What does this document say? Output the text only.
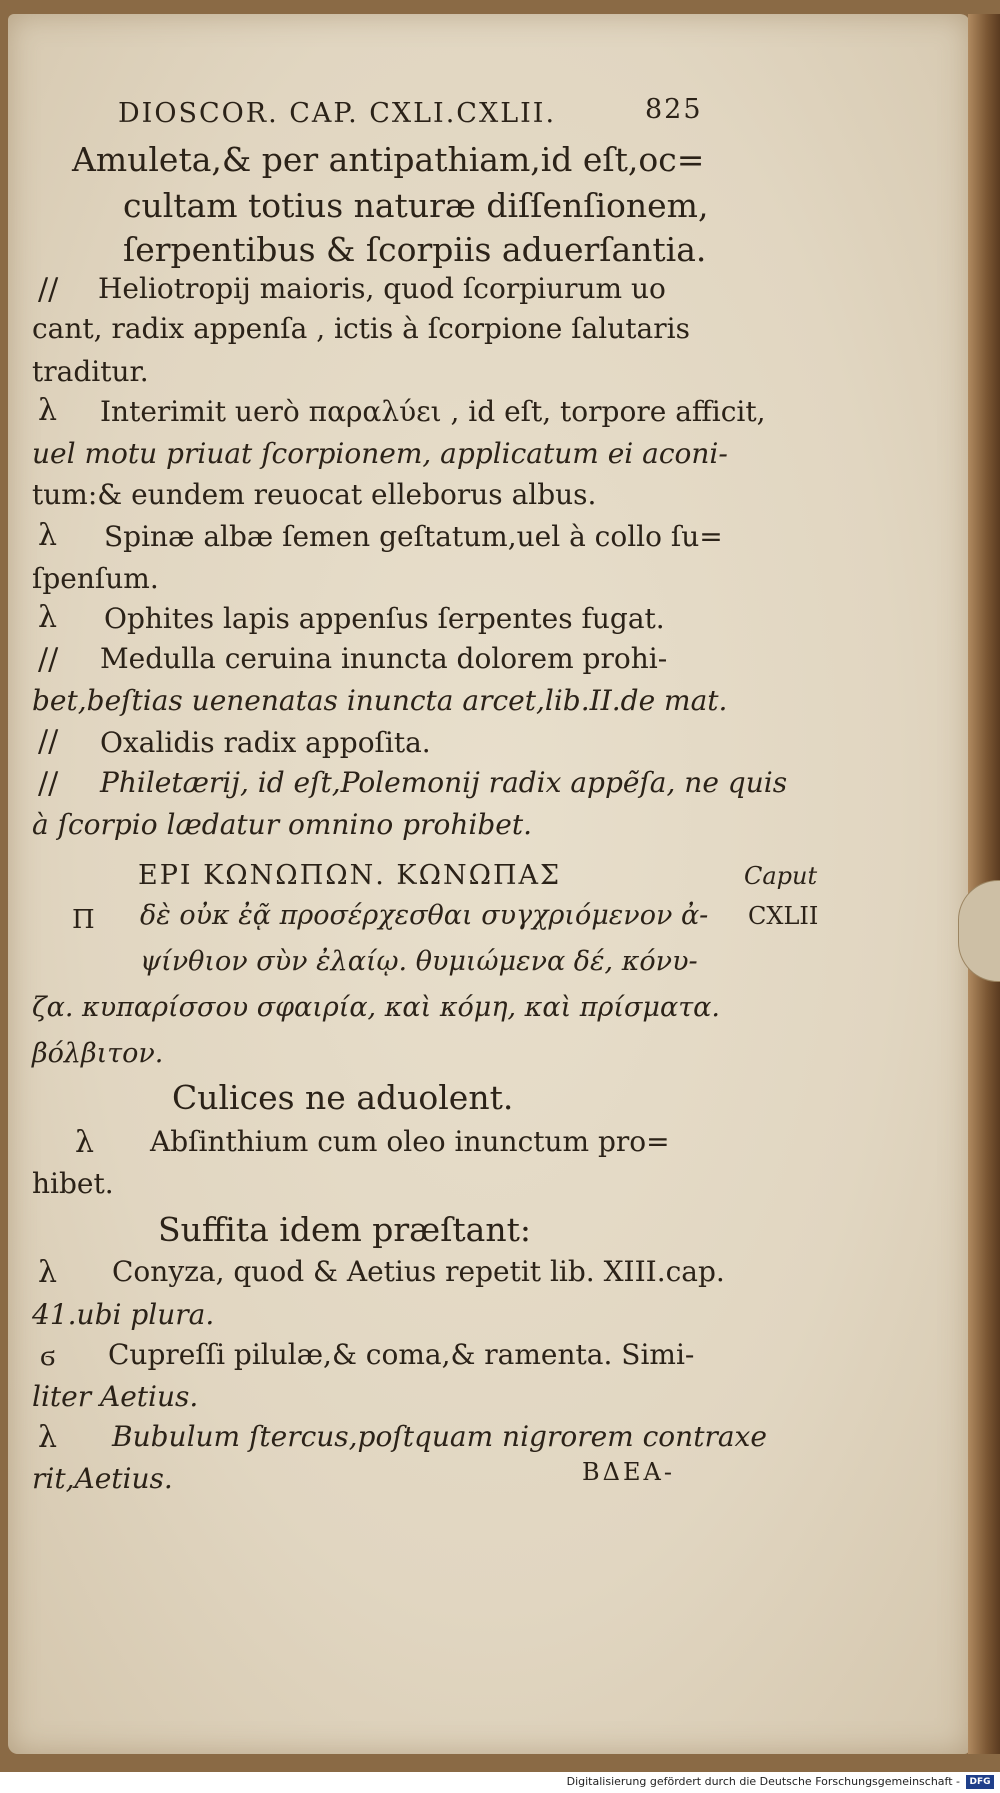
DIOSCOR. CAP. CXLI.CXLII.	825
Amuleta,& per antipathiam,id eſt,oc=
cultam totius naturæ diſſenſionem,
ſerpentibus & ſcorpiis aduerſantia.
// Heliotropij maioris, quod ſcorpiurum uo
cant, radix appenſa , ictis à ſcorpione ſalutaris
traditur.
λ Interimit uerò παραλύει , id eſt, torpore afficit,
uel motu priuat ſcorpionem, applicatum ei aconi-
tum:& eundem reuocat elleborus albus.
λ Spinæ albæ ſemen geſtatum,uel à collo ſu=
ſpenſum.
λ Ophites lapis appenſus ſerpentes fugat.
// Medulla ceruina inuncta dolorem prohi-
bet,beſtias uenenatas inuncta arcet,lib.II.de mat.
// Oxalidis radix appoſita.
// Philetærij, id eſt,Polemonij radix appẽſa, ne quis
à ſcorpio lædatur omnino prohibet.
ΕΡΙ ΚΩΝΩΠΩΝ. ΚΩΝΩΠΑΣ	Caput
CXLII
Π δὲ οὐκ ἐᾷ προσέρχεσθαι συγχριόμενον ἀ-
ψίνθιον σὺν ἐλαίῳ. θυμιώμενα δέ, κόνυ-
ζα. κυπαρίσσου σφαιρία, καὶ κόμη, καὶ πρίσματα.
βόλβιτον.
Culices ne aduolent.
λ Abſinthium cum oleo inunctum pro=
hibet.
Suffita idem præſtant:
λ Conyza, quod & Aetius repetit lib. XIII.cap.
41.ubi plura.
ϭ Cupreſſi pilulæ,& coma,& ramenta. Simi-
liter Aetius.
λ Bubulum ſtercus,poſtquam nigrorem contraxe
rit,Aetius.	ΒΔΕΑ-
Digitalisierung gefördert durch die Deutsche Forschungsgemeinschaft -	DFG
